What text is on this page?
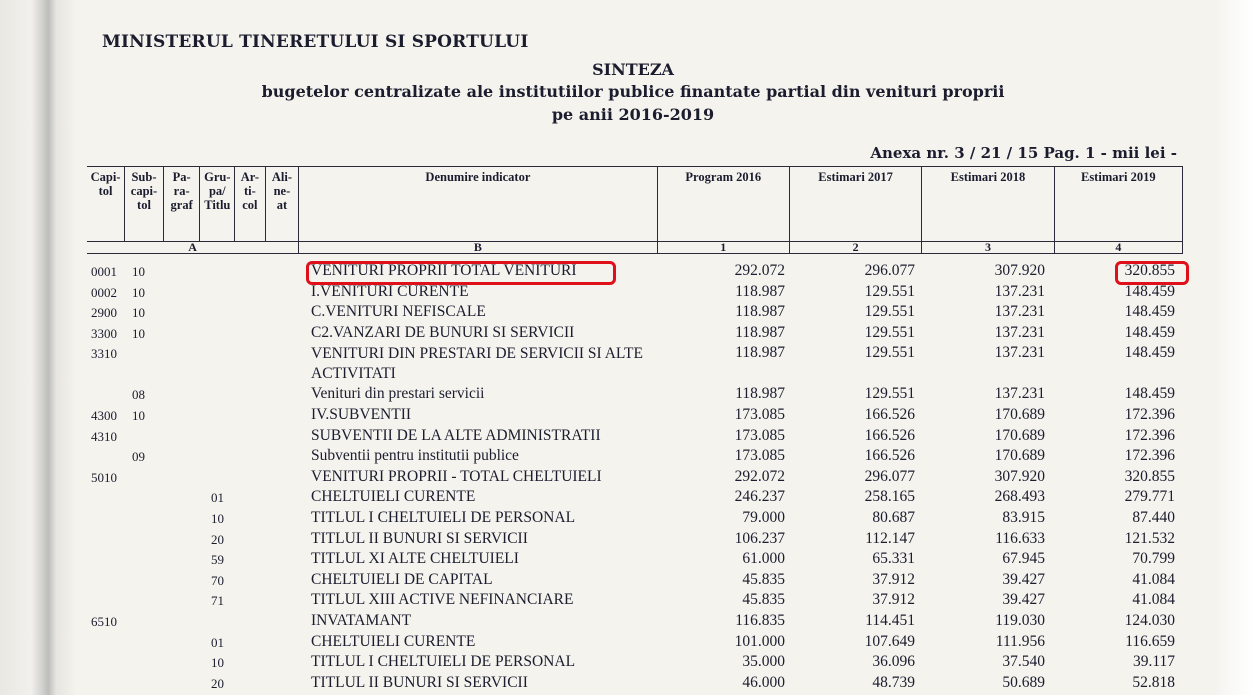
MINISTERUL TINERETULUI SI SPORTULUI
SINTEZA
bugetelor centralizate ale institutiilor publice finantate partial din venituri proprii
pe anii 2016-2019
Anexa nr. 3 / 21 / 15 Pag. 1 - mii lei -
Capi- tol	Sub- capi- tol	Pa- ra- graf	Gru- pa/ Titlu	Ar- ti- col	Ali- ne- at	Denumire indicator	Program 2016	Estimari 2017	Estimari 2018	Estimari 2019
A						B	1	2	3	4
0001 10	VENITURI PROPRII TOTAL VENITURI	292.072	296.077	307.920	320.855
0002 10	I.VENITURI CURENTE	118.987	129.551	137.231	148.459
2900 10	C.VENITURI NEFISCALE	118.987	129.551	137.231	148.459
3300 10	C2.VANZARI DE BUNURI SI SERVICII	118.987	129.551	137.231	148.459
3310	VENITURI DIN PRESTARI DE SERVICII SI ALTE ACTIVITATI
118.987	129.551	137.231	148.459
08	Venituri din prestari servicii	118.987	129.551	137.231	148.459
4300 10	IV.SUBVENTII	173.085	166.526	170.689	172.396
4310	SUBVENTII DE LA ALTE ADMINISTRATII	173.085	166.526	170.689	172.396
09	Subventii pentru institutii publice	173.085	166.526	170.689	172.396
5010	VENITURI PROPRII - TOTAL CHELTUIELI	292.072	296.077	307.920	320.855
01	CHELTUIELI CURENTE	246.237	258.165	268.493	279.771
10	TITLUL I CHELTUIELI DE PERSONAL	79.000	80.687	83.915	87.440
20	TITLUL II BUNURI SI SERVICII	106.237	112.147	116.633	121.532
59	TITLUL XI ALTE CHELTUIELI	61.000	65.331	67.945	70.799
70	CHELTUIELI DE CAPITAL	45.835	37.912	39.427	41.084
71	TITLUL XIII ACTIVE NEFINANCIARE	45.835	37.912	39.427	41.084
6510	INVATAMANT	116.835	114.451	119.030	124.030
01	CHELTUIELI CURENTE	101.000	107.649	111.956	116.659
10	TITLUL I CHELTUIELI DE PERSONAL	35.000	36.096	37.540	39.117
20	TITLUL II BUNURI SI SERVICII	46.000	48.739	50.689	52.818
